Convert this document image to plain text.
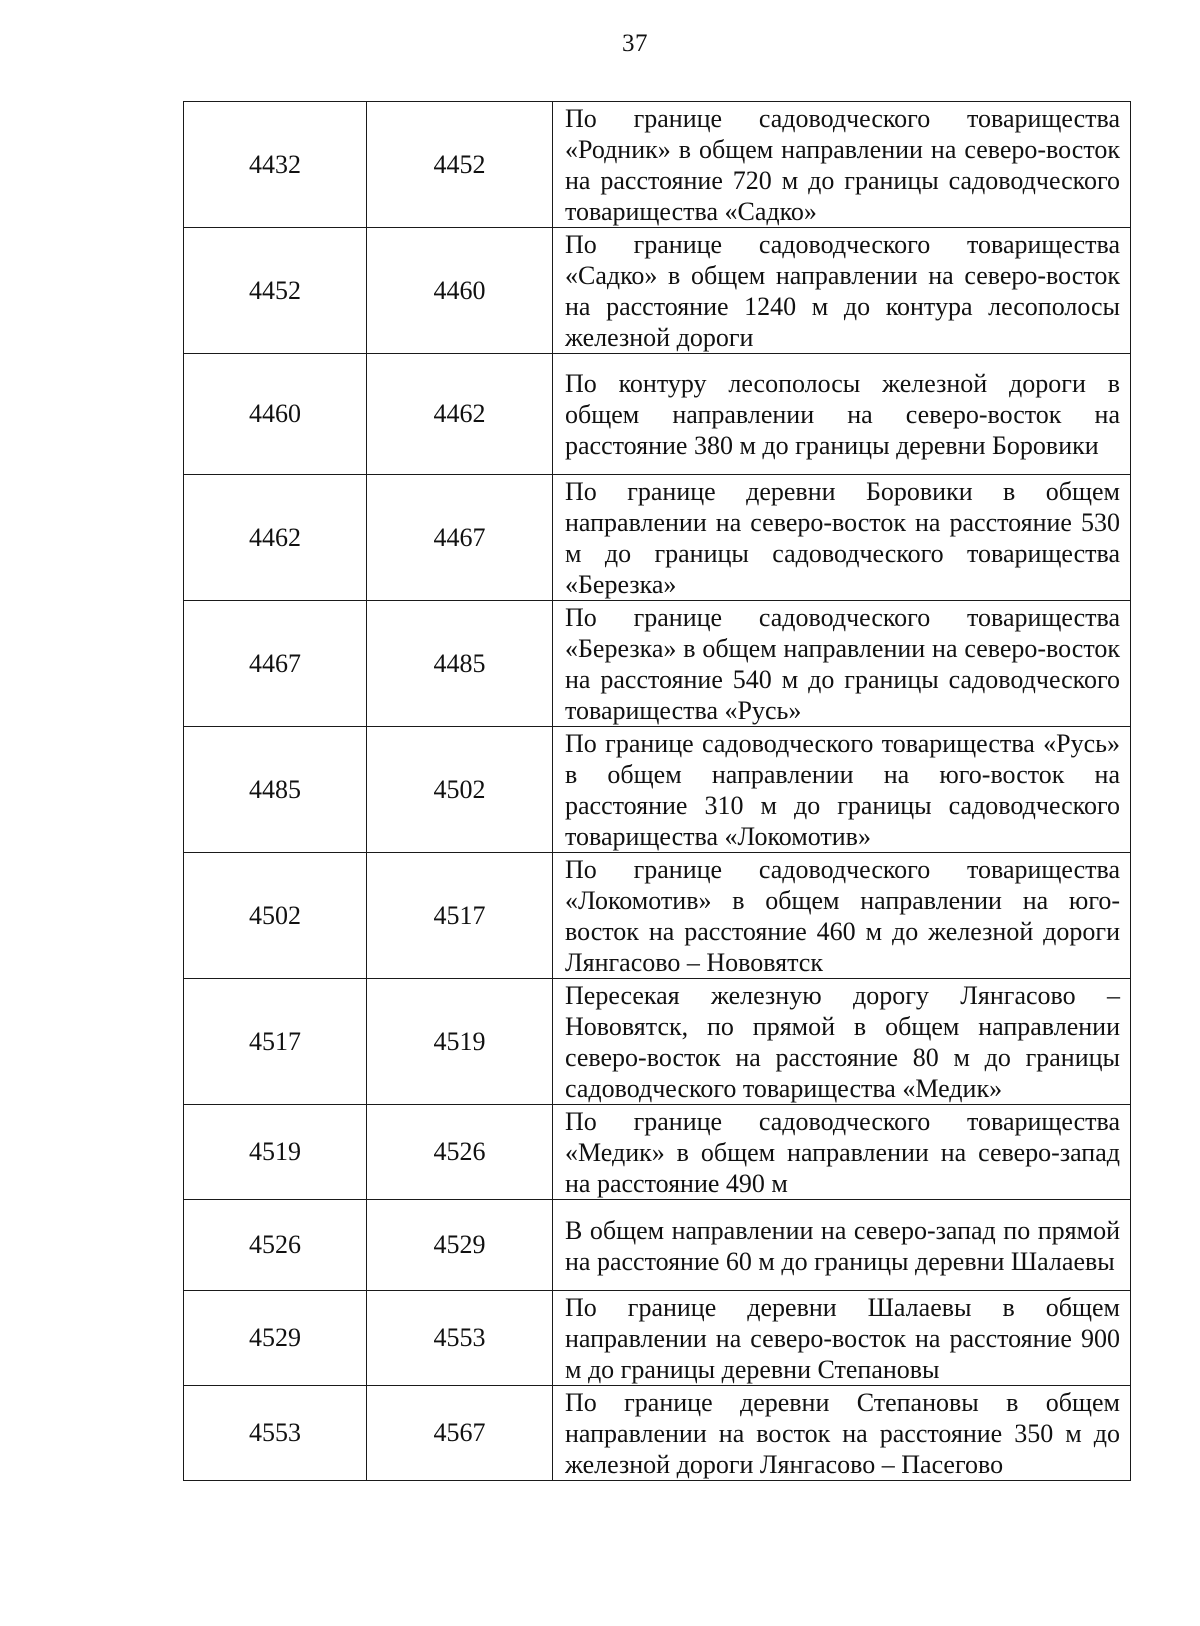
37
4432	4452	По границе садоводческого товарищества «Родник» в общем направлении на северо-восток на расстояние 720 м до границы садоводческого товарищества «Садко»
4452	4460	По границе садоводческого товарищества «Садко» в общем направлении на северо-восток на расстояние 1240 м до контура лесополосы железной дороги
4460	4462	По контуру лесополосы железной дороги в общем направлении на северо-восток на расстояние 380 м до границы деревни Боровики
4462	4467	По границе деревни Боровики в общем направлении на северо-восток на расстояние 530 м до границы садоводческого товарищества «Березка»
4467	4485	По границе садоводческого товарищества «Березка» в общем направлении на северо-восток на расстояние 540 м до границы садоводческого товарищества «Русь»
4485	4502	По границе садоводческого товарищества «Русь» в общем направлении на юго-восток на расстояние 310 м до границы садоводческого товарищества «Локомотив»
4502	4517	По границе садоводческого товарищества «Локомотив» в общем направлении на юго-восток на расстояние 460 м до железной дороги Лянгасово – Нововятск
4517	4519	Пересекая железную дорогу Лянгасово – Нововятск, по прямой в общем направлении северо-восток на расстояние 80 м до границы садоводческого товарищества «Медик»
4519	4526	По границе садоводческого товарищества «Медик» в общем направлении на северо-запад на расстояние 490 м
4526	4529	В общем направлении на северо-запад по прямой на расстояние 60 м до границы деревни Шалаевы
4529	4553	По границе деревни Шалаевы в общем направлении на северо-восток на расстояние 900 м до границы деревни Степановы
4553	4567	По границе деревни Степановы в общем направлении на восток на расстояние 350 м до железной дороги Лянгасово – Пасегово
